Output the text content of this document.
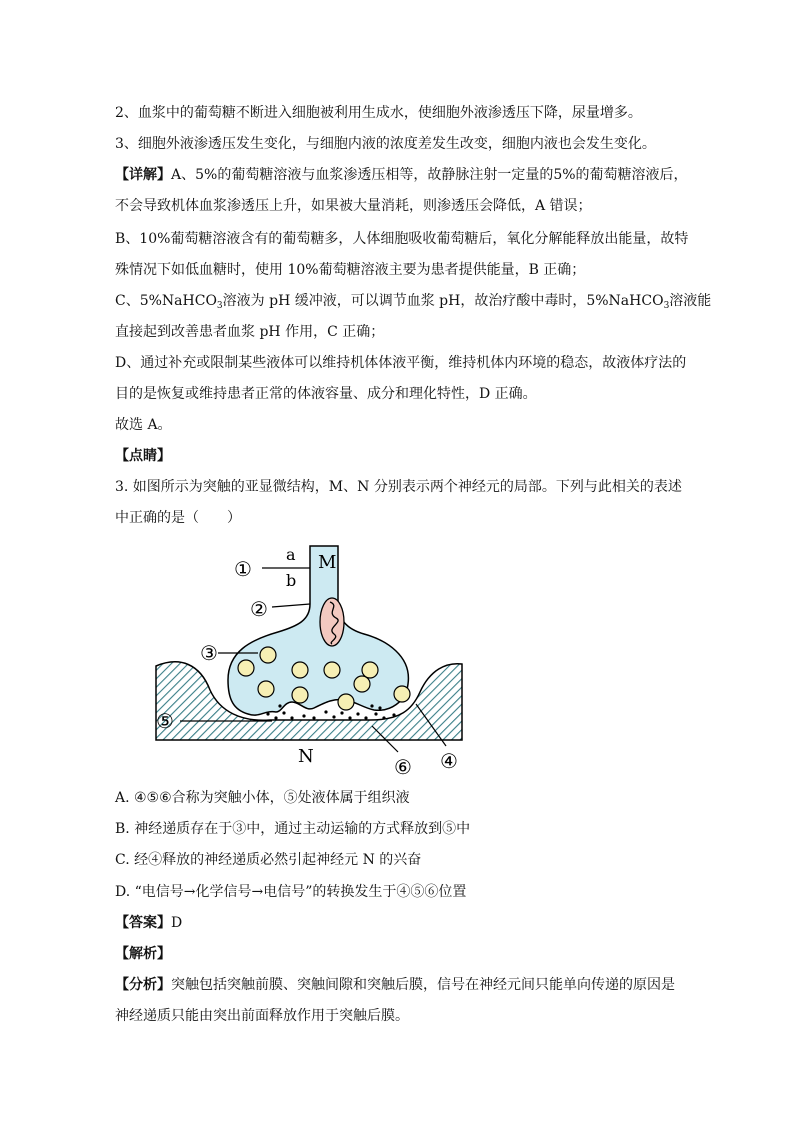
2、血浆中的葡萄糖不断进入细胞被利用生成水，使细胞外液渗透压下降，尿量增多。
3、细胞外液渗透压发生变化，与细胞内液的浓度差发生改变，细胞内液也会发生变化。
【详解】A、5%的葡萄糖溶液与血浆渗透压相等，故静脉注射一定量的5%的葡萄糖溶液后，
不会导致机体血浆渗透压上升，如果被大量消耗，则渗透压会降低，A 错误；
B、10%葡萄糖溶液含有的葡萄糖多，人体细胞吸收葡萄糖后，氧化分解能释放出能量，故特
殊情况下如低血糖时，使用 10%葡萄糖溶液主要为患者提供能量，B 正确；
C、5%NaHCO$_3$溶液为 pH 缓冲液，可以调节血浆 pH，故治疗酸中毒时，5%NaHCO$_3$溶液能
直接起到改善患者血浆 pH 作用，C 正确；
D、通过补充或限制某些液体可以维持机体体液平衡，维持机体内环境的稳态，故液体疗法的
目的是恢复或维持患者正常的体液容量、成分和理化特性，D 正确。
故选 A。
【点睛】
3. 如图所示为突触的亚显微结构，M、N 分别表示两个神经元的局部。下列与此相关的表述
中正确的是（　　）
a
b
M
N
①
②
③
④
⑤
⑥
A. ④⑤⑥合称为突触小体，⑤处液体属于组织液
B. 神经递质存在于③中，通过主动运输的方式释放到⑤中
C. 经④释放的神经递质必然引起神经元 N 的兴奋
D. “电信号→化学信号→电信号”的转换发生于④⑤⑥位置
【答案】D
【解析】
【分析】突触包括突触前膜、突触间隙和突触后膜，信号在神经元间只能单向传递的原因是
神经递质只能由突出前面释放作用于突触后膜。
